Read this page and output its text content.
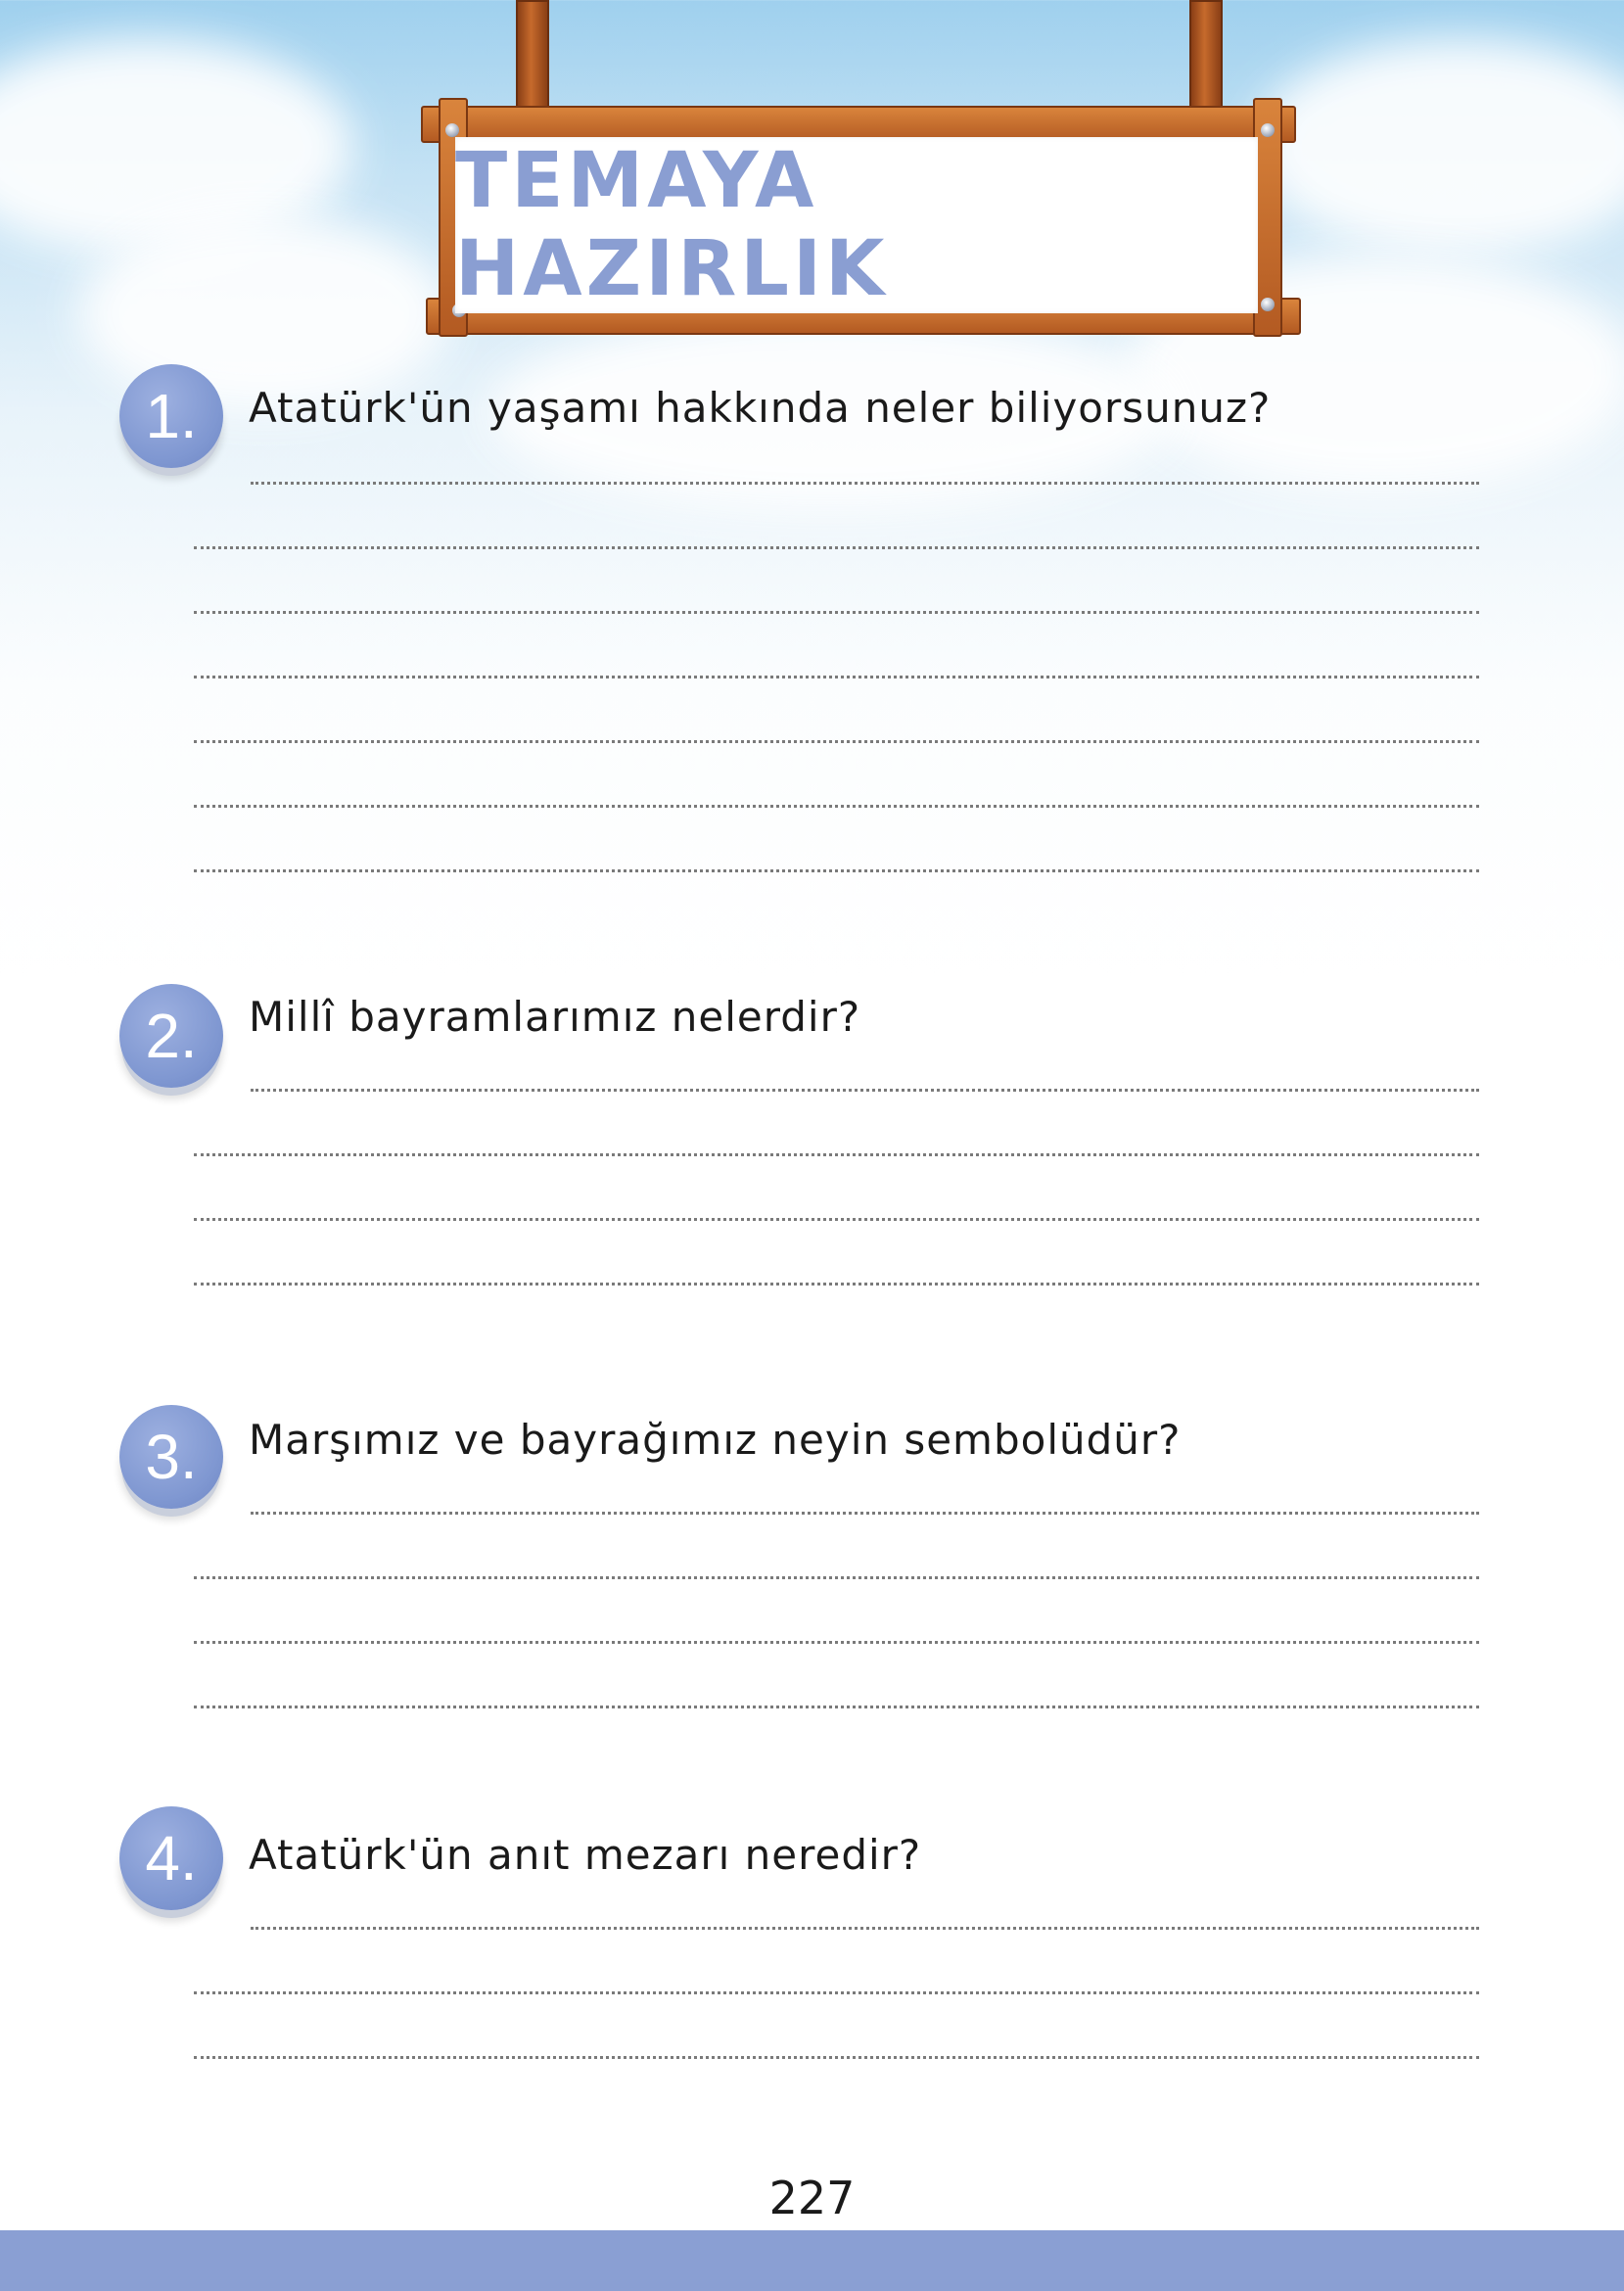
TEMAYA HAZIRLIK
1.	Atatürk'ün yaşamı hakkında neler biliyorsunuz?
2.	Millî bayramlarımız nelerdir?
3.	Marşımız ve bayrağımız neyin sembolüdür?
4.	Atatürk'ün anıt mezarı neredir?
227
